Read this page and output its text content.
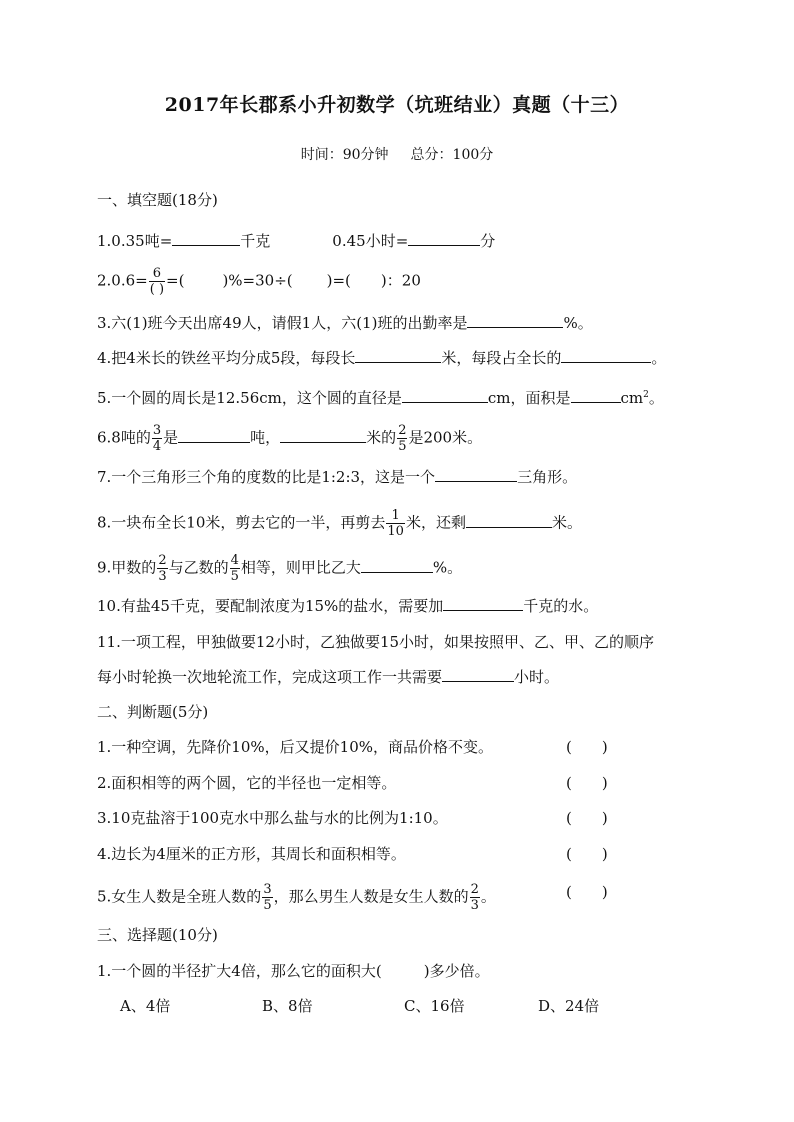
2017年长郡系小升初数学（坑班结业）真题（十三）
时间：90分钟 总分：100分
一、填空题(18分)
1.0.35吨=	千克	0.45小时=	分
$2.0.6= \frac{6}{( )}$ =(	)%=30÷( )=( )：20
3.六(1)班今天出席49人，请假1人，六(1)班的出勤率是	%。
4.把4米长的铁丝平均分成5段，每段长	米，每段占全长的	。
5.一个圆的周长是12.56cm，这个圆的直径是	cm，面积是	$cm^2$。
6.8吨的 $\frac{3}{4}$ 是	吨，	米的 $\frac{2}{5}$ 是200米。
7.一个三角形三个角的度数的比是1:2:3，这是一个	三角形。
8.一块布全长10米，剪去它的一半，再剪去 $\frac{1}{10}$ 米，还剩	米。
9.甲数的 $\frac{2}{3}$ 与乙数的 $\frac{4}{5}$ 相等，则甲比乙大	%。
10.有盐45千克，要配制浓度为15%的盐水，需要加	千克的水。
11.一项工程，甲独做要12小时，乙独做要15小时，如果按照甲、乙、甲、乙的顺序
每小时轮换一次地轮流工作，完成这项工作一共需要	小时。
二、判断题(5分)
1.一种空调，先降价10%，后又提价10%，商品价格不变。	(　　)
2.面积相等的两个圆，它的半径也一定相等。	(　　)
3.10克盐溶于100克水中那么盐与水的比例为1:10。	(　　)
4.边长为4厘米的正方形，其周长和面积相等。	(　　)
5.女生人数是全班人数的 $\frac{3}{5}$ ，那么男生人数是女生人数的 $\frac{2}{3}$ 。	(　　)
三、选择题(10分)
1.一个圆的半径扩大4倍，那么它的面积大(	)多少倍。
A、4倍	B、8倍	C、16倍	D、24倍
